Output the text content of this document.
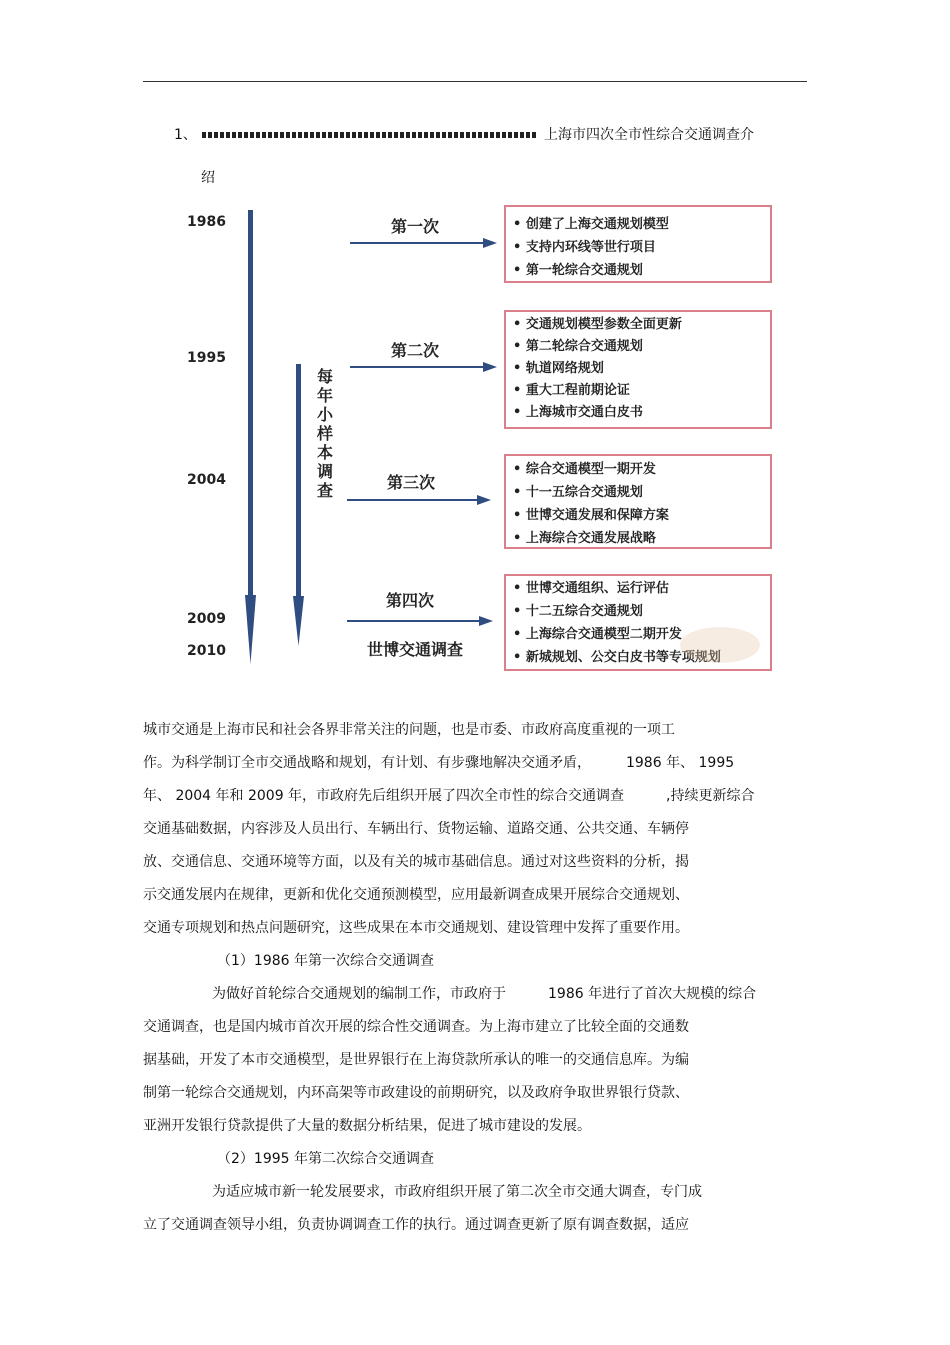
1、	上海市四次全市性综合交通调查介
绍
1986
1995
2004
2009
2010
每
年
小
样
本
调
查
第一次	• 创建了上海交通规划模型
• 支持内环线等世行项目
• 第一轮综合交通规划
第二次
• 交通规划模型参数全面更新
• 第二轮综合交通规划
• 轨道网络规划
• 重大工程前期论证
• 上海城市交通白皮书
第三次
• 综合交通模型一期开发
• 十一五综合交通规划
• 世博交通发展和保障方案
• 上海综合交通发展战略
第四次
世博交通调查
• 世博交通组织、运行评估
• 十二五综合交通规划
• 上海综合交通模型二期开发
• 新城规划、公交白皮书等专项规划
城市交通是上海市民和社会各界非常关注的问题，也是市委、市政府高度重视的一项工
作。为科学制订全市交通战略和规划，有计划、有步骤地解决交通矛盾，　　　1986 年、 1995
年、 2004 年和 2009 年，市政府先后组织开展了四次全市性的综合交通调查　　　,持续更新综合
交通基础数据，内容涉及人员出行、车辆出行、货物运输、道路交通、公共交通、车辆停
放、交通信息、交通环境等方面，以及有关的城市基础信息。通过对这些资料的分析，揭
示交通发展内在规律，更新和优化交通预测模型，应用最新调查成果开展综合交通规划、
交通专项规划和热点问题研究，这些成果在本市交通规划、建设管理中发挥了重要作用。
（1）1986 年第一次综合交通调查
为做好首轮综合交通规划的编制工作，市政府于　　　1986 年进行了首次大规模的综合
交通调查，也是国内城市首次开展的综合性交通调查。为上海市建立了比较全面的交通数
据基础，开发了本市交通模型，是世界银行在上海贷款所承认的唯一的交通信息库。为编
制第一轮综合交通规划，内环高架等市政建设的前期研究，以及政府争取世界银行贷款、
亚洲开发银行贷款提供了大量的数据分析结果，促进了城市建设的发展。
（2）1995 年第二次综合交通调查
为适应城市新一轮发展要求，市政府组织开展了第二次全市交通大调查，专门成
立了交通调查领导小组，负责协调调查工作的执行。通过调查更新了原有调查数据，适应
